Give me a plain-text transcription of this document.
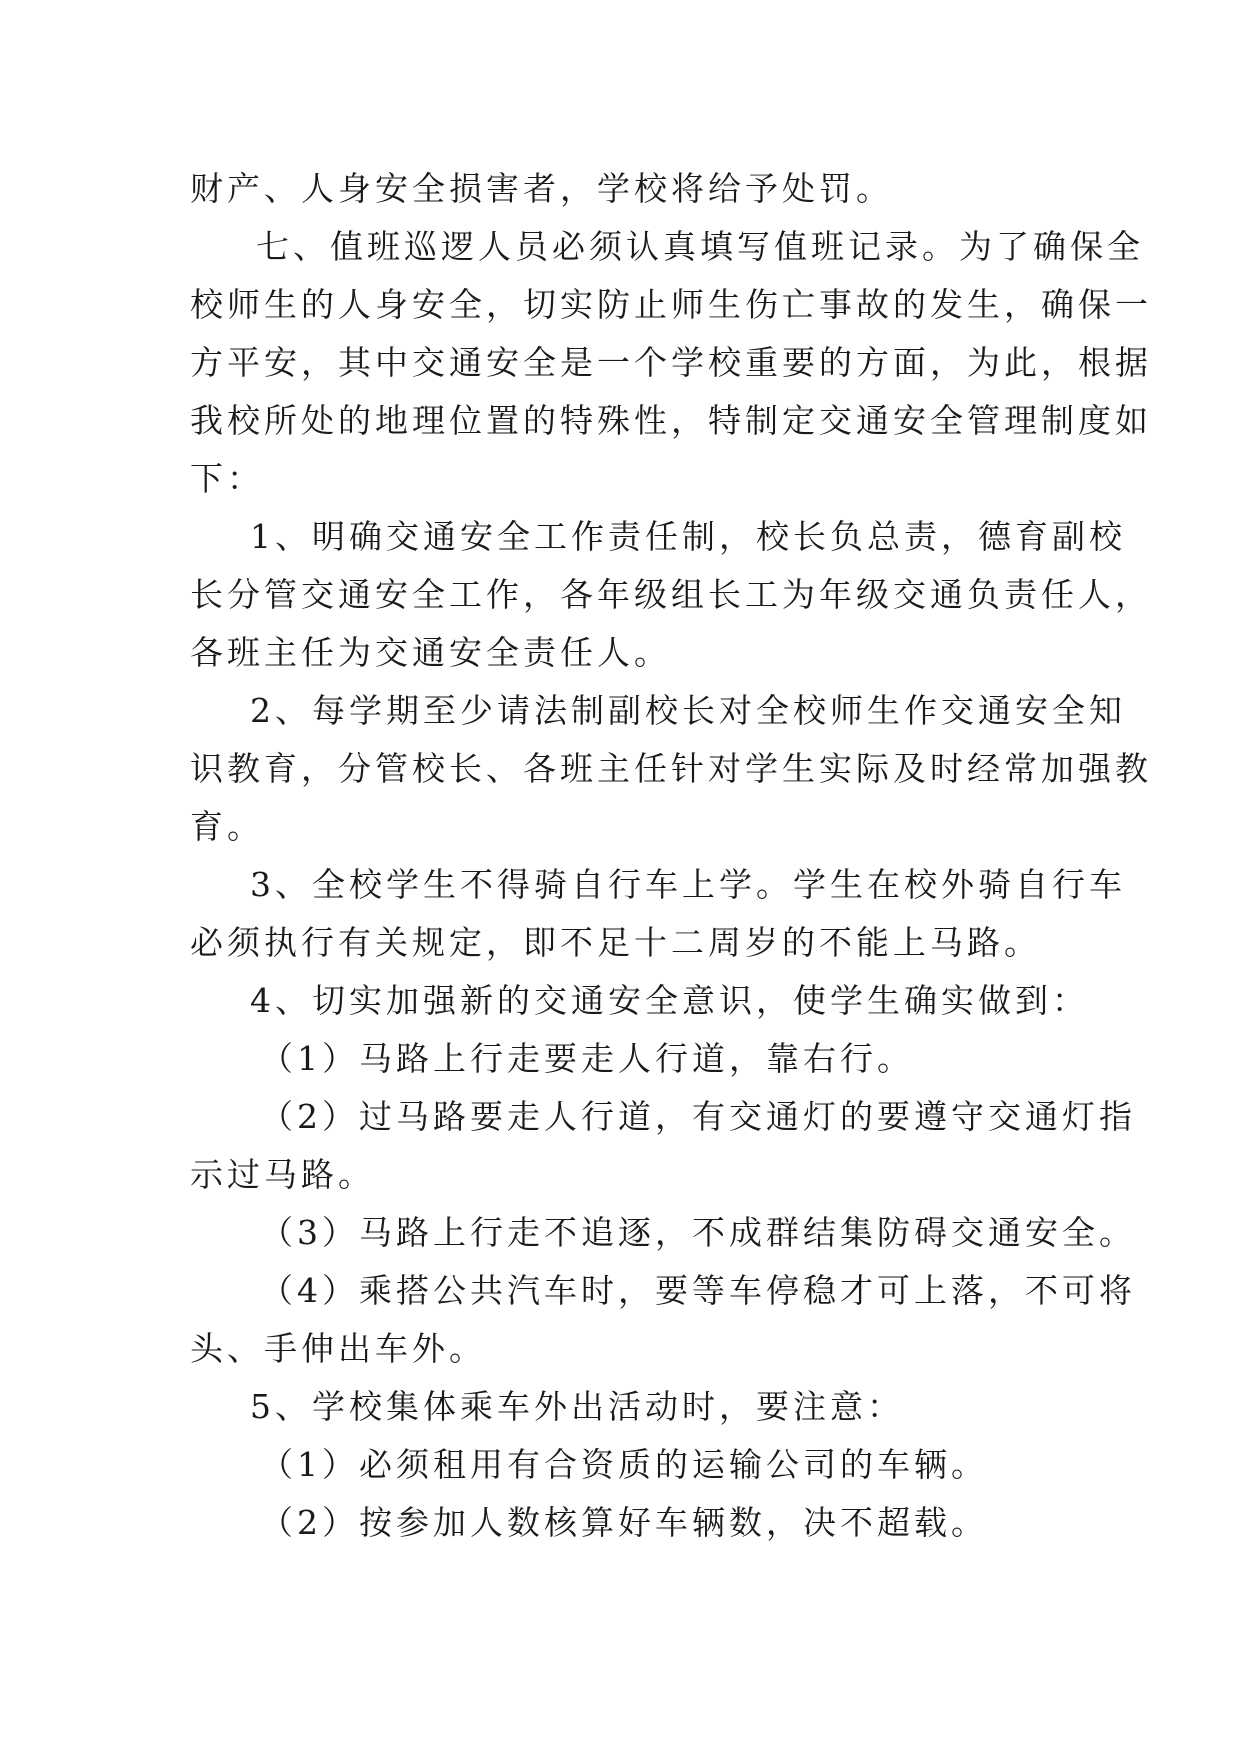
财产、人身安全损害者，学校将给予处罚。
七、值班巡逻人员必须认真填写值班记录。为了确保全
校师生的人身安全，切实防止师生伤亡事故的发生，确保一
方平安，其中交通安全是一个学校重要的方面，为此，根据
我校所处的地理位置的特殊性，特制定交通安全管理制度如
下：
1、明确交通安全工作责任制，校长负总责，德育副校
长分管交通安全工作，各年级组长工为年级交通负责任人，
各班主任为交通安全责任人。
2、每学期至少请法制副校长对全校师生作交通安全知
识教育，分管校长、各班主任针对学生实际及时经常加强教
育。
3、全校学生不得骑自行车上学。学生在校外骑自行车
必须执行有关规定，即不足十二周岁的不能上马路。
4、切实加强新的交通安全意识，使学生确实做到：
（1）马路上行走要走人行道，靠右行。
（2）过马路要走人行道，有交通灯的要遵守交通灯指
示过马路。
（3）马路上行走不追逐，不成群结集防碍交通安全。
（4）乘搭公共汽车时，要等车停稳才可上落，不可将
头、手伸出车外。
5、学校集体乘车外出活动时，要注意：
（1）必须租用有合资质的运输公司的车辆。
（2）按参加人数核算好车辆数，决不超载。
